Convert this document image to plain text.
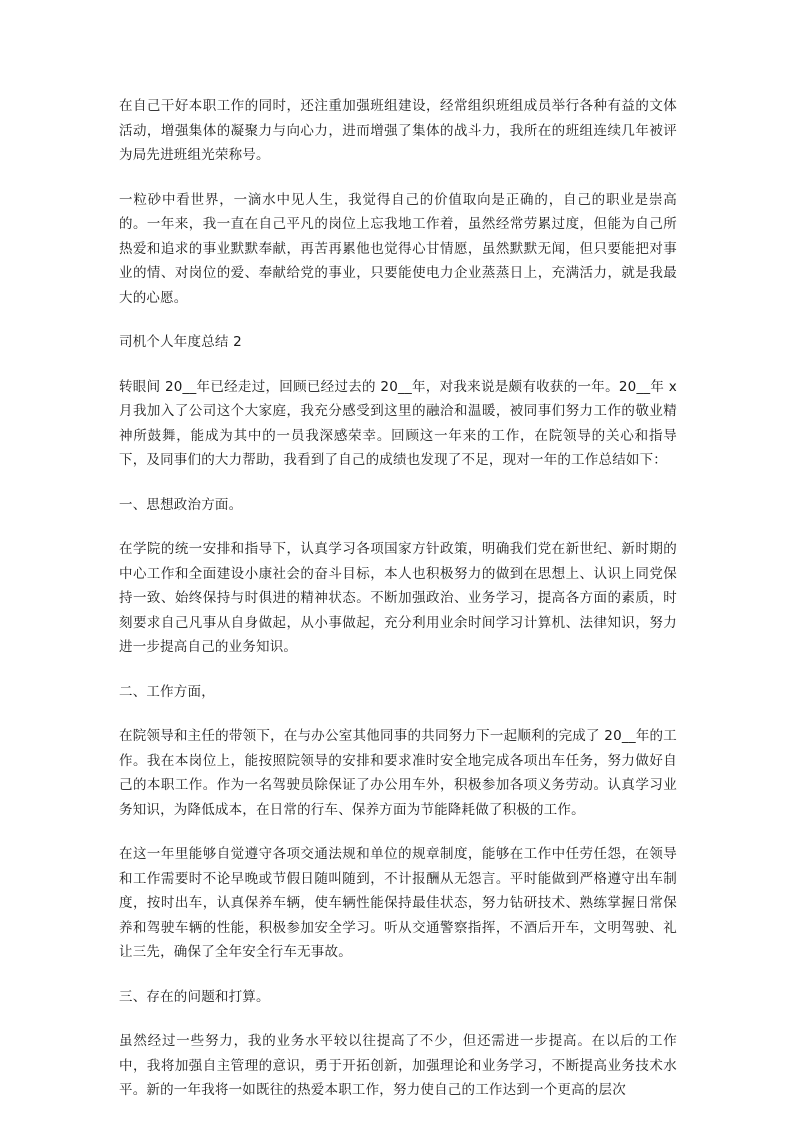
在自己干好本职工作的同时，还注重加强班组建设，经常组织班组成员举行各种有益的文体活动，增强集体的凝聚力与向心力，进而增强了集体的战斗力，我所在的班组连续几年被评为局先进班组光荣称号。

一粒砂中看世界，一滴水中见人生，我觉得自己的价值取向是正确的，自己的职业是崇高的。一年来，我一直在自己平凡的岗位上忘我地工作着，虽然经常劳累过度，但能为自己所热爱和追求的事业默默奉献，再苦再累他也觉得心甘情愿，虽然默默无闻，但只要能把对事业的情、对岗位的爱、奉献给党的事业，只要能使电力企业蒸蒸日上，充满活力，就是我最大的心愿。

司机个人年度总结 2

转眼间 20__年已经走过，回顾已经过去的 20__年，对我来说是颇有收获的一年。20__年 x 月我加入了公司这个大家庭，我充分感受到这里的融洽和温暖，被同事们努力工作的敬业精神所鼓舞，能成为其中的一员我深感荣幸。回顾这一年来的工作，在院领导的关心和指导下，及同事们的大力帮助，我看到了自己的成绩也发现了不足，现对一年的工作总结如下：

一、思想政治方面。

在学院的统一安排和指导下，认真学习各项国家方针政策，明确我们党在新世纪、新时期的中心工作和全面建设小康社会的奋斗目标，本人也积极努力的做到在思想上、认识上同党保持一致、始终保持与时俱进的精神状态。不断加强政治、业务学习，提高各方面的素质，时刻要求自己凡事从自身做起，从小事做起，充分利用业余时间学习计算机、法律知识，努力进一步提高自己的业务知识。

二、工作方面，

在院领导和主任的带领下，在与办公室其他同事的共同努力下一起顺利的完成了 20__年的工作。我在本岗位上，能按照院领导的安排和要求准时安全地完成各项出车任务，努力做好自己的本职工作。作为一名驾驶员除保证了办公用车外，积极参加各项义务劳动。认真学习业务知识，为降低成本，在日常的行车、保养方面为节能降耗做了积极的工作。

在这一年里能够自觉遵守各项交通法规和单位的规章制度，能够在工作中任劳任怨，在领导和工作需要时不论早晚或节假日随叫随到，不计报酬从无怨言。平时能做到严格遵守出车制度，按时出车，认真保养车辆，使车辆性能保持最佳状态，努力钻研技术、熟练掌握日常保养和驾驶车辆的性能，积极参加安全学习。听从交通警察指挥，不酒后开车，文明驾驶、礼让三先，确保了全年安全行车无事故。

三、存在的问题和打算。

虽然经过一些努力，我的业务水平较以往提高了不少，但还需进一步提高。在以后的工作中，我将加强自主管理的意识，勇于开拓创新，加强理论和业务学习，不断提高业务技术水平。新的一年我将一如既往的热爱本职工作，努力使自己的工作达到一个更高的层次
